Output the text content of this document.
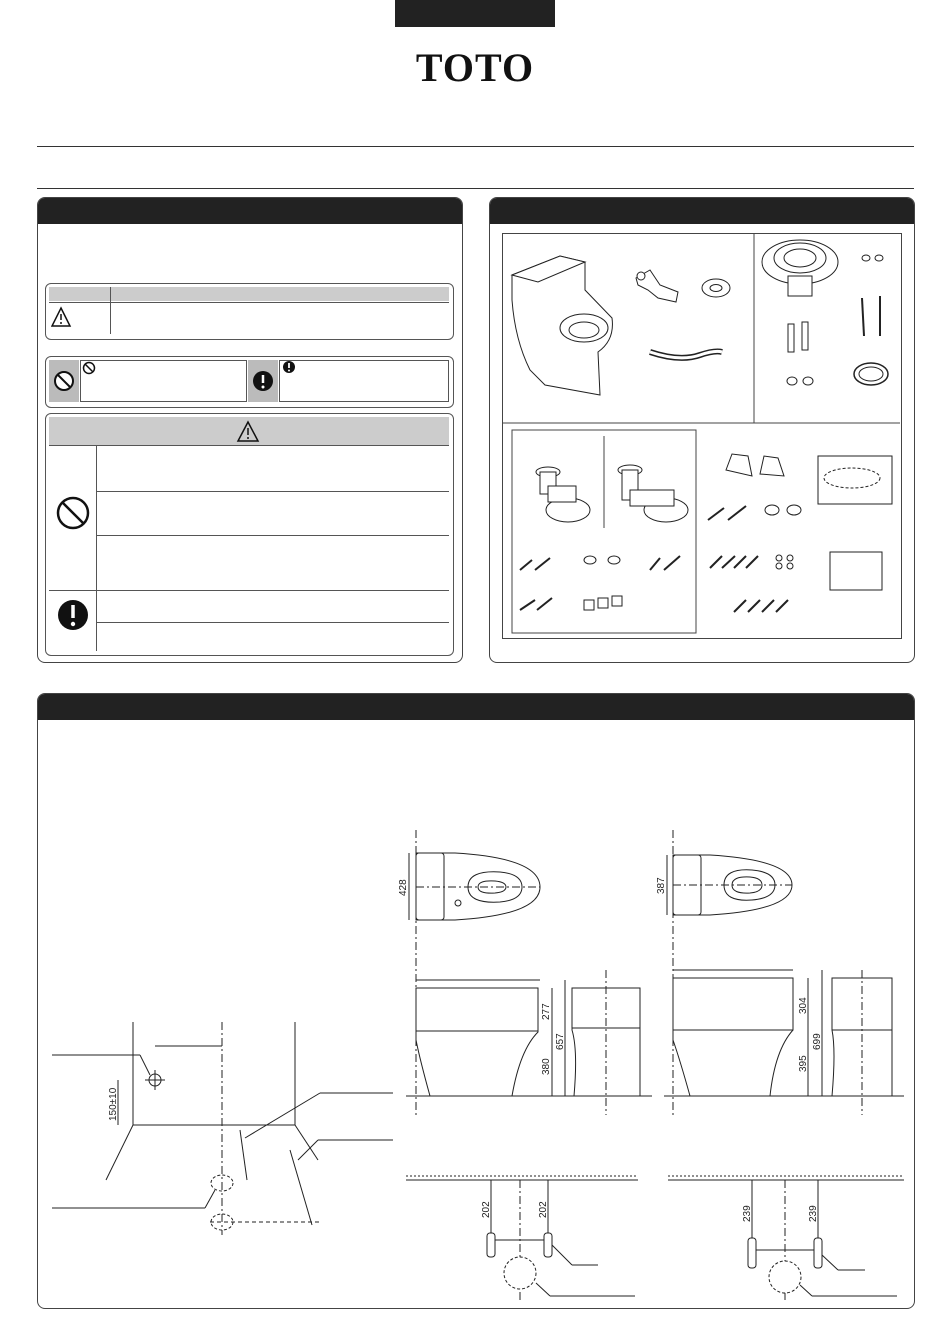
TOTO
150±10
428	387
277
657
380
304
699
395
202	202	239	239
